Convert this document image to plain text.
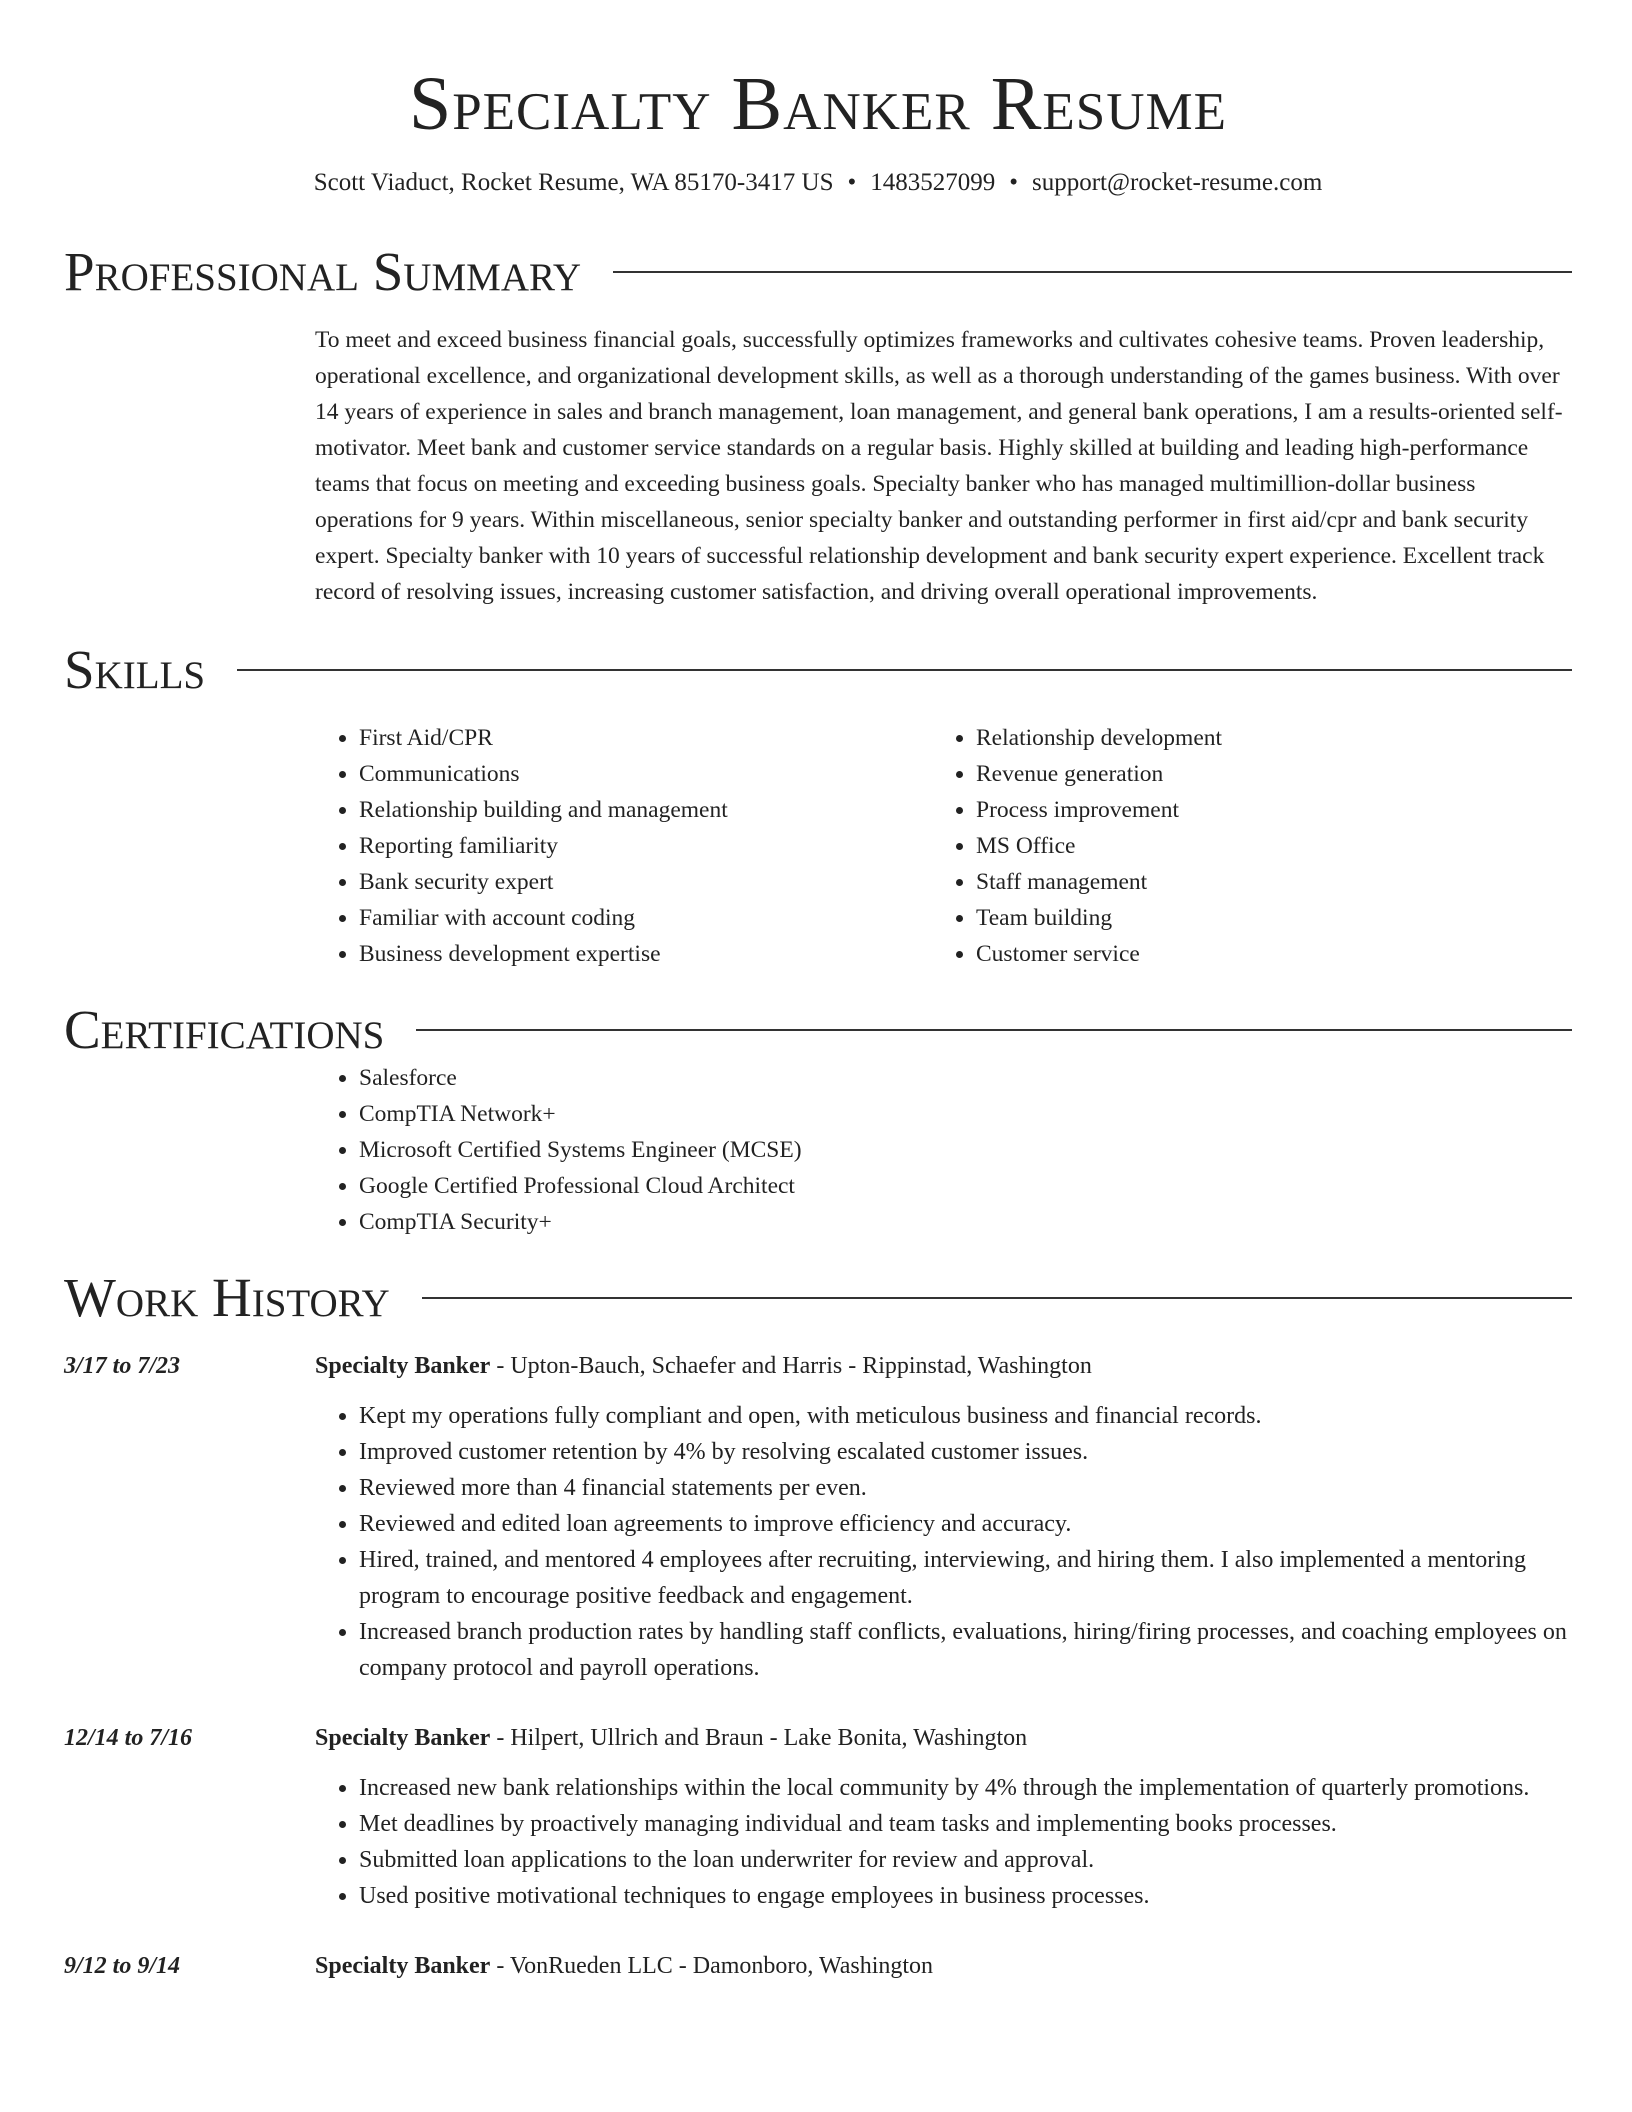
Specialty Banker Resume
Scott Viaduct, Rocket Resume, WA 85170-3417 US • 1483527099 • support@rocket-resume.com
Professional Summary

To meet and exceed business financial goals, successfully optimizes frameworks and cultivates cohesive teams. Proven leadership, operational excellence, and organizational development skills, as well as a thorough understanding of the games business. With over 14 years of experience in sales and branch management, loan management, and general bank operations, I am a results-oriented self-motivator. Meet bank and customer service standards on a regular basis. Highly skilled at building and leading high-performance teams that focus on meeting and exceeding business goals. Specialty banker who has managed multimillion-dollar business operations for 9 years. Within miscellaneous, senior specialty banker and outstanding performer in first aid/cpr and bank security expert. Specialty banker with 10 years of successful relationship development and bank security expert experience. Excellent track record of resolving issues, increasing customer satisfaction, and driving overall operational improvements.

Skills
• First Aid/CPR
• Communications
• Relationship building and management
• Reporting familiarity
• Bank security expert
• Familiar with account coding
• Business development expertise
• Relationship development
• Revenue generation
• Process improvement
• MS Office
• Staff management
• Team building
• Customer service
Certifications
• Salesforce
• CompTIA Network+
• Microsoft Certified Systems Engineer (MCSE)
• Google Certified Professional Cloud Architect
• CompTIA Security+
Work History
3/17 to 7/23	Specialty Banker - Upton-Bauch, Schaefer and Harris - Rippinstad, Washington
• Kept my operations fully compliant and open, with meticulous business and financial records.
• Improved customer retention by 4% by resolving escalated customer issues.
• Reviewed more than 4 financial statements per even.
• Reviewed and edited loan agreements to improve efficiency and accuracy.
• Hired, trained, and mentored 4 employees after recruiting, interviewing, and hiring them. I also implemented a mentoring program to encourage positive feedback and engagement.
• Increased branch production rates by handling staff conflicts, evaluations, hiring/firing processes, and coaching employees on company protocol and payroll operations.
12/14 to 7/16	Specialty Banker - Hilpert, Ullrich and Braun - Lake Bonita, Washington
• Increased new bank relationships within the local community by 4% through the implementation of quarterly promotions.
• Met deadlines by proactively managing individual and team tasks and implementing books processes.
• Submitted loan applications to the loan underwriter for review and approval.
• Used positive motivational techniques to engage employees in business processes.
9/12 to 9/14	Specialty Banker - VonRueden LLC - Damonboro, Washington
